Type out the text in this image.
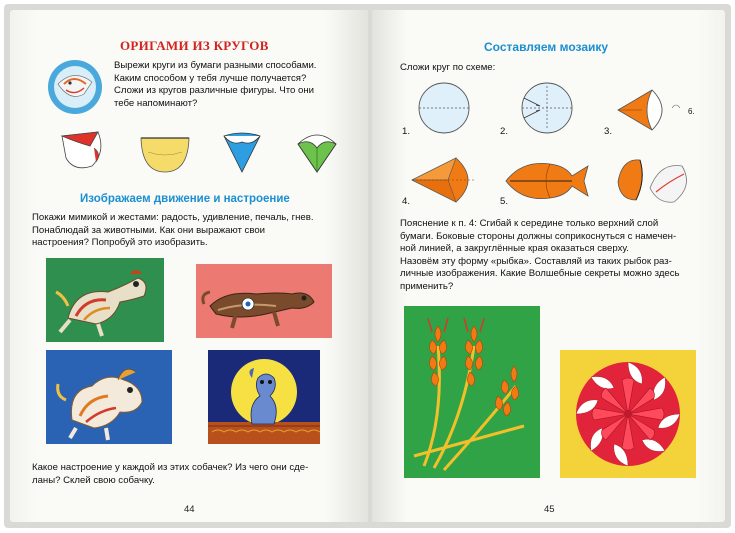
ОРИГАМИ ИЗ КРУГОВ
Вырежи круги из бумаги разными способами.
Каким способом у тебя лучше получается?
Сложи из кругов различные фигуры. Что они
тебе напоминают?
Изображаем движение и настроение
Покажи мимикой и жестами: радость, удивление, печаль, гнев.
Понаблюдай за животными. Как они выражают свои
настроения? Попробуй это изобразить.
Какое настроение у каждой из этих собачек? Из чего они сде-
ланы? Склей свою собачку.
44
Составляем мозаику
Сложи круг по схеме:
1.	2.	3.
4.	5.
6.
Пояснение к п. 4: Сгибай к середине только верхний слой
бумаги. Боковые стороны должны соприкоснуться с намечен-
ной линией, а закруглённые края оказаться сверху.
Назовём эту форму «рыбка». Составляй из таких рыбок раз-
личные изображения. Какие Волшебные секреты можно здесь
применить?
45
